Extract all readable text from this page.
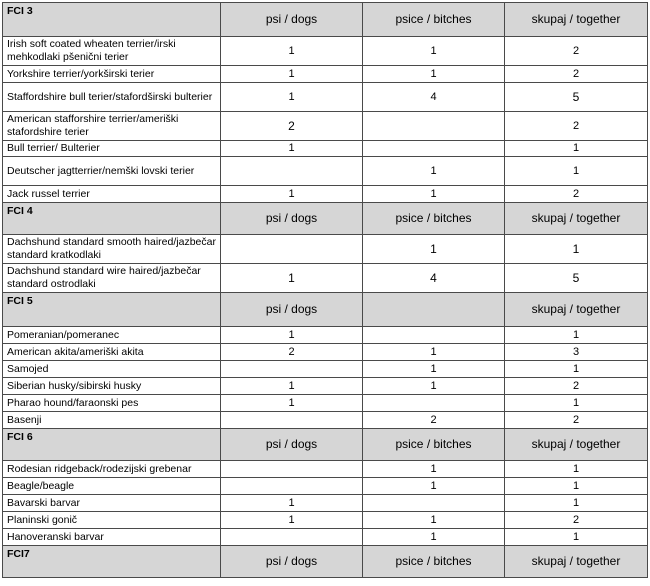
FCI 3	psi / dogs	psice / bitches	skupaj / together
Irish soft coated wheaten terrier/irski mehkodlaki pšenični terier	1	1	2
Yorkshire terrier/yorkširski terier	1	1	2
Staffordshire bull terier/stafordširski bulterier	1	4	5
American stafforshire terrier/ameriški stafordshire terier	2		2
Bull terrier/ Bulterier	1		1
Deutscher jagtterrier/nemški lovski terier		1	1
Jack russel terrier	1	1	2
FCI 4	psi / dogs	psice / bitches	skupaj / together
Dachshund standard smooth haired/jazbečar standard kratkodlaki		1	1
Dachshund standard wire haired/jazbečar standard ostrodlaki	1	4	5
FCI 5	psi / dogs		skupaj / together
Pomeranian/pomeranec	1		1
American akita/ameriški akita	2	1	3
Samojed		1	1
Siberian husky/sibirski husky	1	1	2
Pharao hound/faraonski pes	1		1
Basenji		2	2
FCI 6	psi / dogs	psice / bitches	skupaj / together
Rodesian ridgeback/rodezijski grebenar		1	1
Beagle/beagle		1	1
Bavarski barvar	1		1
Planinski gonič	1	1	2
Hanoveranski barvar		1	1
FCI7	psi / dogs	psice / bitches	skupaj / together
